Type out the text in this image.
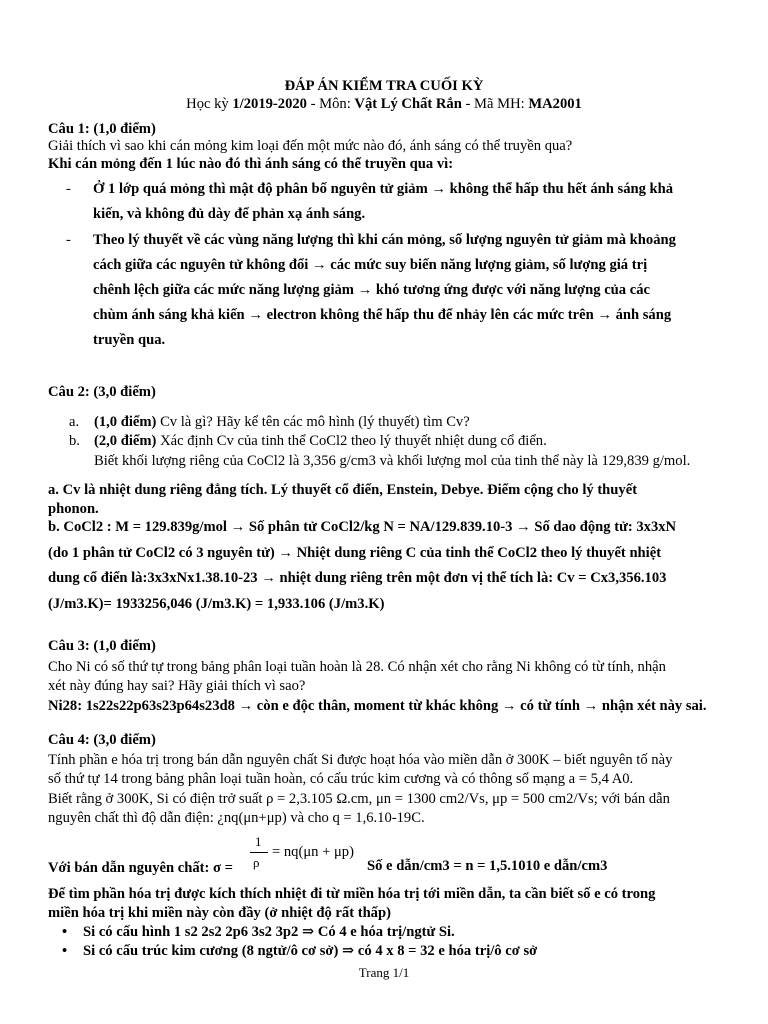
ĐÁP ÁN KIỂM TRA CUỐI KỲ
Học kỳ 1/2019-2020 - Môn: Vật Lý Chất Rắn - Mã MH: MA2001
Câu 1: (1,0 điểm)
Giải thích vì sao khi cán mỏng kim loại đến một mức nào đó, ánh sáng có thể truyền qua?
Khi cán mỏng đến 1 lúc nào đó thì ánh sáng có thể truyền qua vì:
- Ở 1 lớp quá mỏng thì mật độ phân bố nguyên tử giảm → không thể hấp thu hết ánh sáng khả
kiến, và không đủ dày để phản xạ ánh sáng.
- Theo lý thuyết về các vùng năng lượng thì khi cán mỏng, số lượng nguyên tử giảm mà khoảng
cách giữa các nguyên tử không đổi → các mức suy biến năng lượng giảm, số lượng giá trị
chênh lệch giữa các mức năng lượng giảm → khó tương ứng được với năng lượng của các
chùm ánh sáng khả kiến → electron không thể hấp thu để nhảy lên các mức trên → ánh sáng
truyền qua.
Câu 2: (3,0 điểm)
a. (1,0 điểm) Cv là gì? Hãy kể tên các mô hình (lý thuyết) tìm Cv?
b. (2,0 điểm) Xác định Cv của tinh thể CoCl2 theo lý thuyết nhiệt dung cổ điển.
Biết khối lượng riêng của CoCl2 là 3,356 g/cm3 và khối lượng mol của tinh thể này là 129,839 g/mol.
a. Cv là nhiệt dung riêng đẳng tích. Lý thuyết cổ điển, Enstein, Debye. Điểm cộng cho lý thuyết
phonon.
b. CoCl2 : M = 129.839g/mol → Số phân tử CoCl2/kg N = NA/129.839.10-3 → Số dao động tử: 3x3xN
(do 1 phân tử CoCl2 có 3 nguyên tử) → Nhiệt dung riêng C của tinh thể CoCl2 theo lý thuyết nhiệt
dung cổ điển là:3x3xNx1.38.10-23 → nhiệt dung riêng trên một đơn vị thể tích là: Cv = Cx3,356.103
(J/m3.K)= 1933256,046 (J/m3.K) = 1,933.106 (J/m3.K)
Câu 3: (1,0 điểm)
Cho Ni có số thứ tự trong bảng phân loại tuần hoàn là 28. Có nhận xét cho rằng Ni không có từ tính, nhận
xét này đúng hay sai? Hãy giải thích vì sao?
Ni28: 1s22s22p63s23p64s23d8 → còn e độc thân, moment từ khác không → có từ tính → nhận xét này sai.
Câu 4: (3,0 điểm)
Tính phần e hóa trị trong bán dẫn nguyên chất Si được hoạt hóa vào miền dẫn ở 300K – biết nguyên tố này
số thứ tự 14 trong bảng phân loại tuần hoàn, có cấu trúc kim cương và có thông số mạng a = 5,4 A0.
Biết rằng ở 300K, Si có điện trở suất ρ = 2,3.105 Ω.cm, μn = 1300 cm2/Vs, μp = 500 cm2/Vs; với bán dẫn
nguyên chất thì độ dẫn điện: ¿nq(μn+μp) và cho q = 1,6.10-19C.
Với bán dẫn nguyên chất: σ =
1
ρ
= nq(μn + μp)
Số e dẫn/cm3 = n = 1,5.1010 e dẫn/cm3
Để tìm phần hóa trị được kích thích nhiệt đi từ miền hóa trị tới miền dẫn, ta cần biết số e có trong
miền hóa trị khi miền này còn đầy (ở nhiệt độ rất thấp)
• Si có cấu hình 1 s2 2s2 2p6 3s2 3p2 ⇒ Có 4 e hóa trị/ngtử Si.
• Si có cấu trúc kim cương (8 ngtử/ô cơ sở) ⇒ có 4 x 8 = 32 e hóa trị/ô cơ sở
Trang 1/1
